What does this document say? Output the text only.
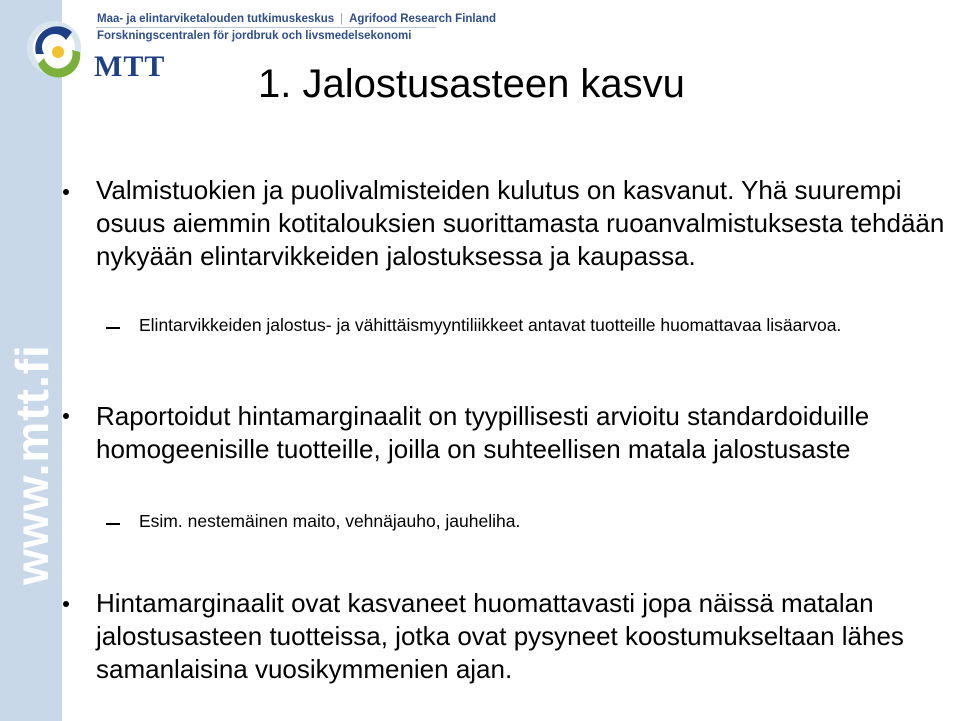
www.mtt.fi
Maa- ja elintarviketalouden tutkimuskeskus | Agrifood Research Finland
Forskningscentralen för jordbruk och livsmedelsekonomi
MTT 1. Jalostusasteen kasvu
Valmistuokien ja puolivalmisteiden kulutus on kasvanut. Yhä suurempi osuus aiemmin kotitalouksien suorittamasta ruoanvalmistuksesta tehdään nykyään elintarvikkeiden jalostuksessa ja kaupassa.
Elintarvikkeiden jalostus- ja vähittäismyyntiliikkeet antavat tuotteille huomattavaa lisäarvoa.
Raportoidut hintamarginaalit on tyypillisesti arvioitu standardoiduille homogeenisille tuotteille, joilla on suhteellisen matala jalostusaste
Esim. nestemäinen maito, vehnäjauho, jauheliha.
Hintamarginaalit ovat kasvaneet huomattavasti jopa näissä matalan jalostusasteen tuotteissa, jotka ovat pysyneet koostumukseltaan lähes samanlaisina vuosikymmenien ajan.
